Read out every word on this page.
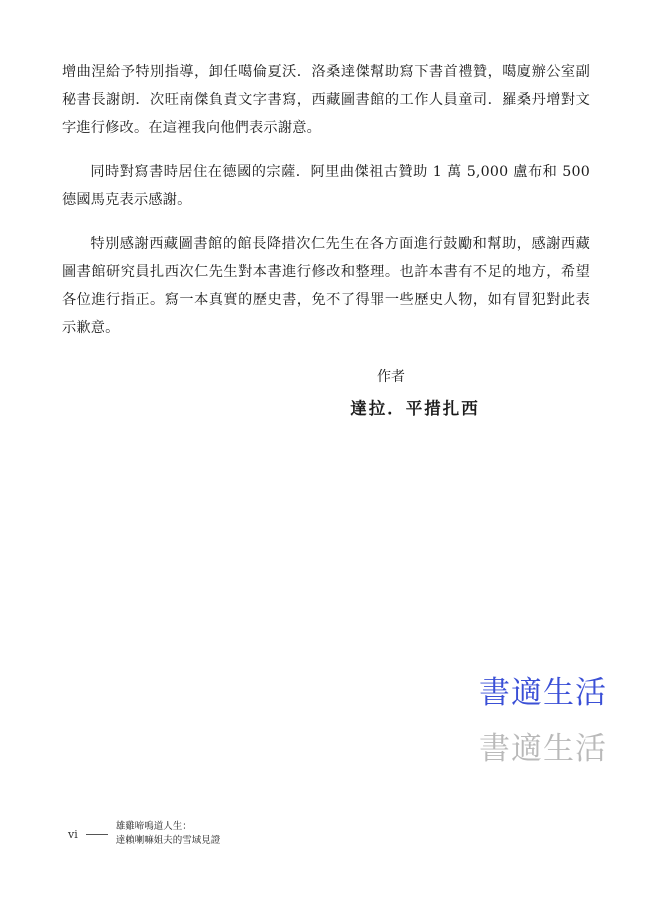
增曲涅給予特別指導，卸任噶倫夏沃．洛桑達傑幫助寫下書首禮贊，噶廈辦公室副秘書長謝朗．次旺南傑負責文字書寫，西藏圖書館的工作人員童司．羅桑丹增對文字進行修改。在這裡我向他們表示謝意。

同時對寫書時居住在德國的宗薩．阿里曲傑祖古贊助 1 萬 5,000 盧布和 500 德國馬克表示感謝。

特別感謝西藏圖書館的館長降措次仁先生在各方面進行鼓勵和幫助，感謝西藏圖書館研究員扎西次仁先生對本書進行修改和整理。也許本書有不足的地方，希望各位進行指正。寫一本真實的歷史書，免不了得罪一些歷史人物，如有冒犯對此表示歉意。

作者

達拉．平措扎西

書適生活
書適生活
vi
雄雞啼鳴道人生：
達賴喇嘛姐夫的雪域見證
